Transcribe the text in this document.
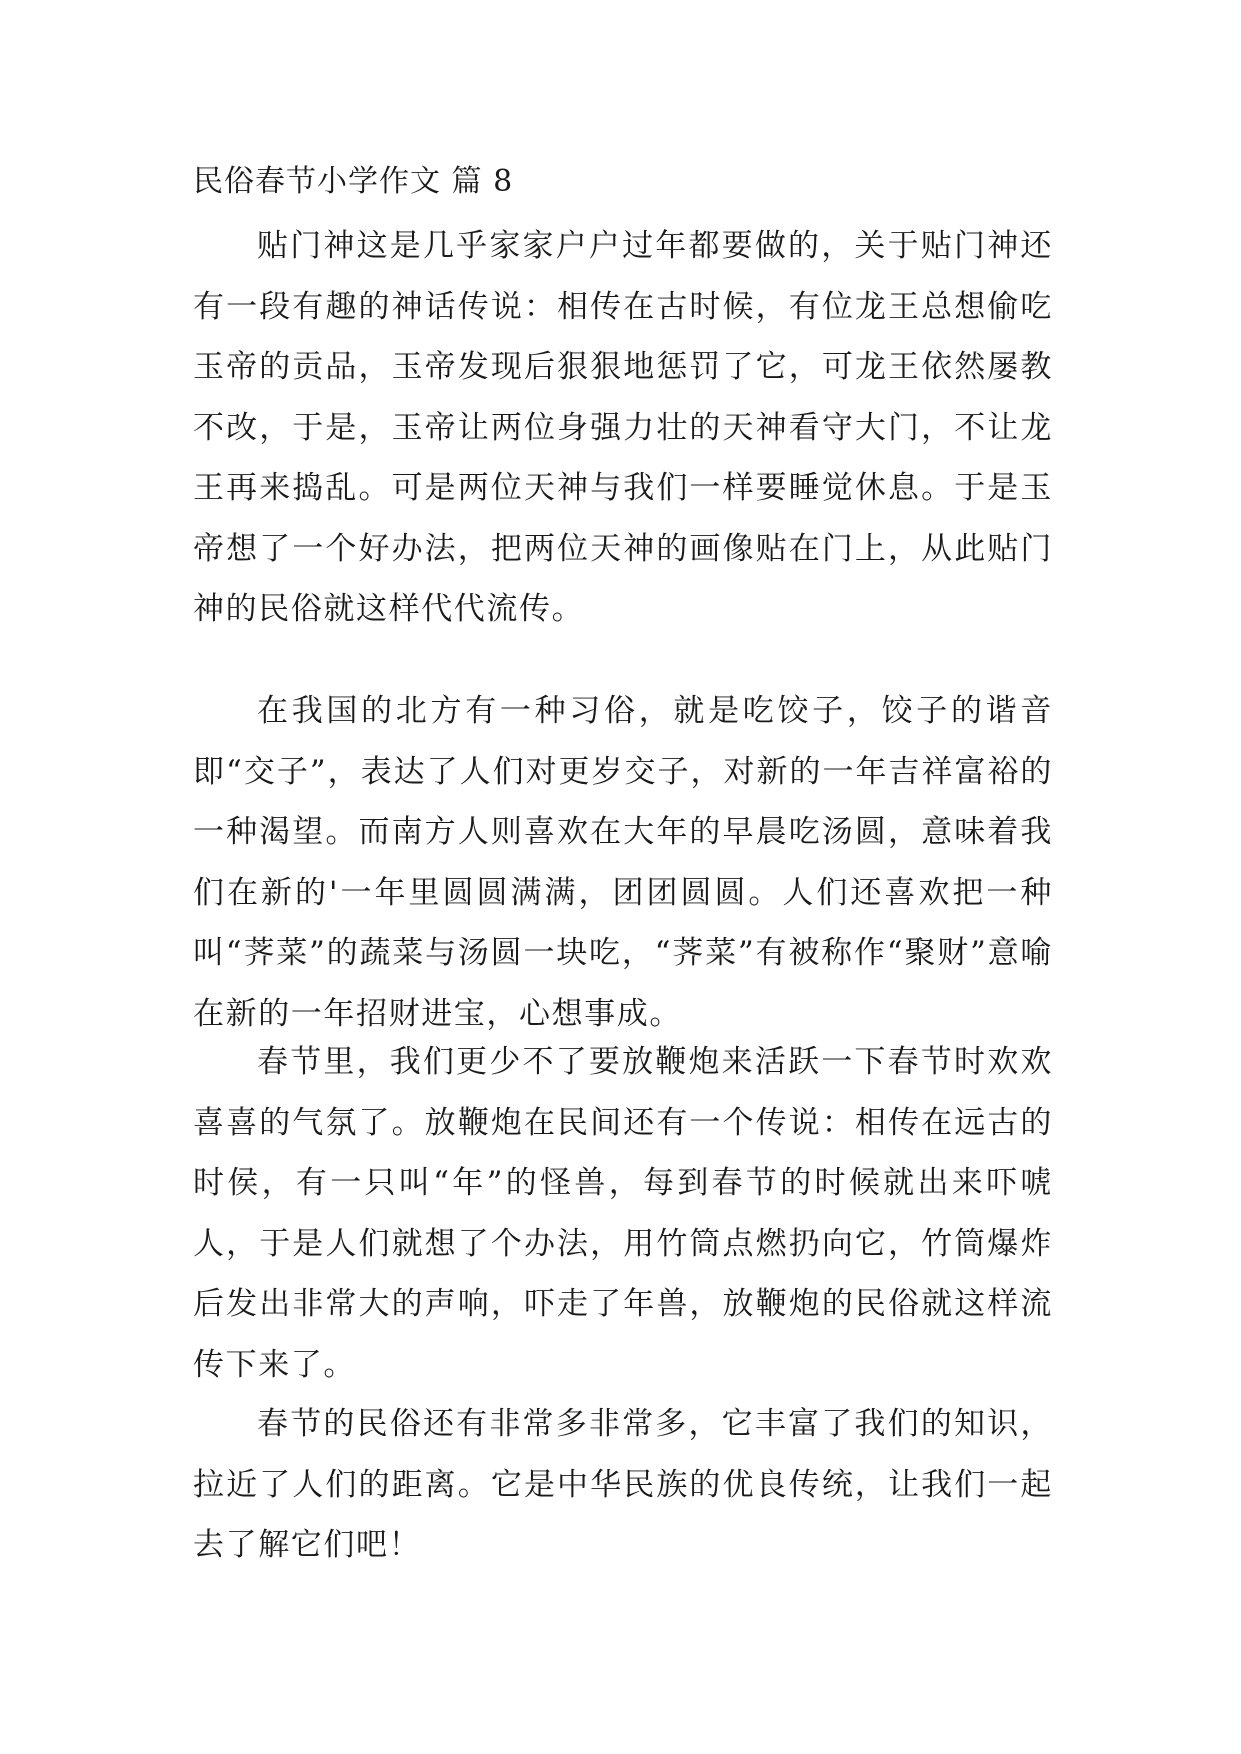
民俗春节小学作文 篇 8

贴门神这是几乎家家户户过年都要做的，关于贴门神还有一段有趣的神话传说：相传在古时候，有位龙王总想偷吃玉帝的贡品，玉帝发现后狠狠地惩罚了它，可龙王依然屡教不改，于是，玉帝让两位身强力壮的天神看守大门，不让龙王再来捣乱。可是两位天神与我们一样要睡觉休息。于是玉帝想了一个好办法，把两位天神的画像贴在门上，从此贴门神的民俗就这样代代流传。

在我国的北方有一种习俗，就是吃饺子，饺子的谐音即“交子”，表达了人们对更岁交子，对新的一年吉祥富裕的一种渴望。而南方人则喜欢在大年的早晨吃汤圆，意味着我们在新的'一年里圆圆满满，团团圆圆。人们还喜欢把一种叫“荠菜”的蔬菜与汤圆一块吃，“荠菜”有被称作“聚财”意喻在新的一年招财进宝，心想事成。

春节里，我们更少不了要放鞭炮来活跃一下春节时欢欢喜喜的气氛了。放鞭炮在民间还有一个传说：相传在远古的时侯，有一只叫“年”的怪兽，每到春节的时候就出来吓唬人，于是人们就想了个办法，用竹筒点燃扔向它，竹筒爆炸后发出非常大的声响，吓走了年兽，放鞭炮的民俗就这样流传下来了。

春节的民俗还有非常多非常多，它丰富了我们的知识，拉近了人们的距离。它是中华民族的优良传统，让我们一起去了解它们吧！
